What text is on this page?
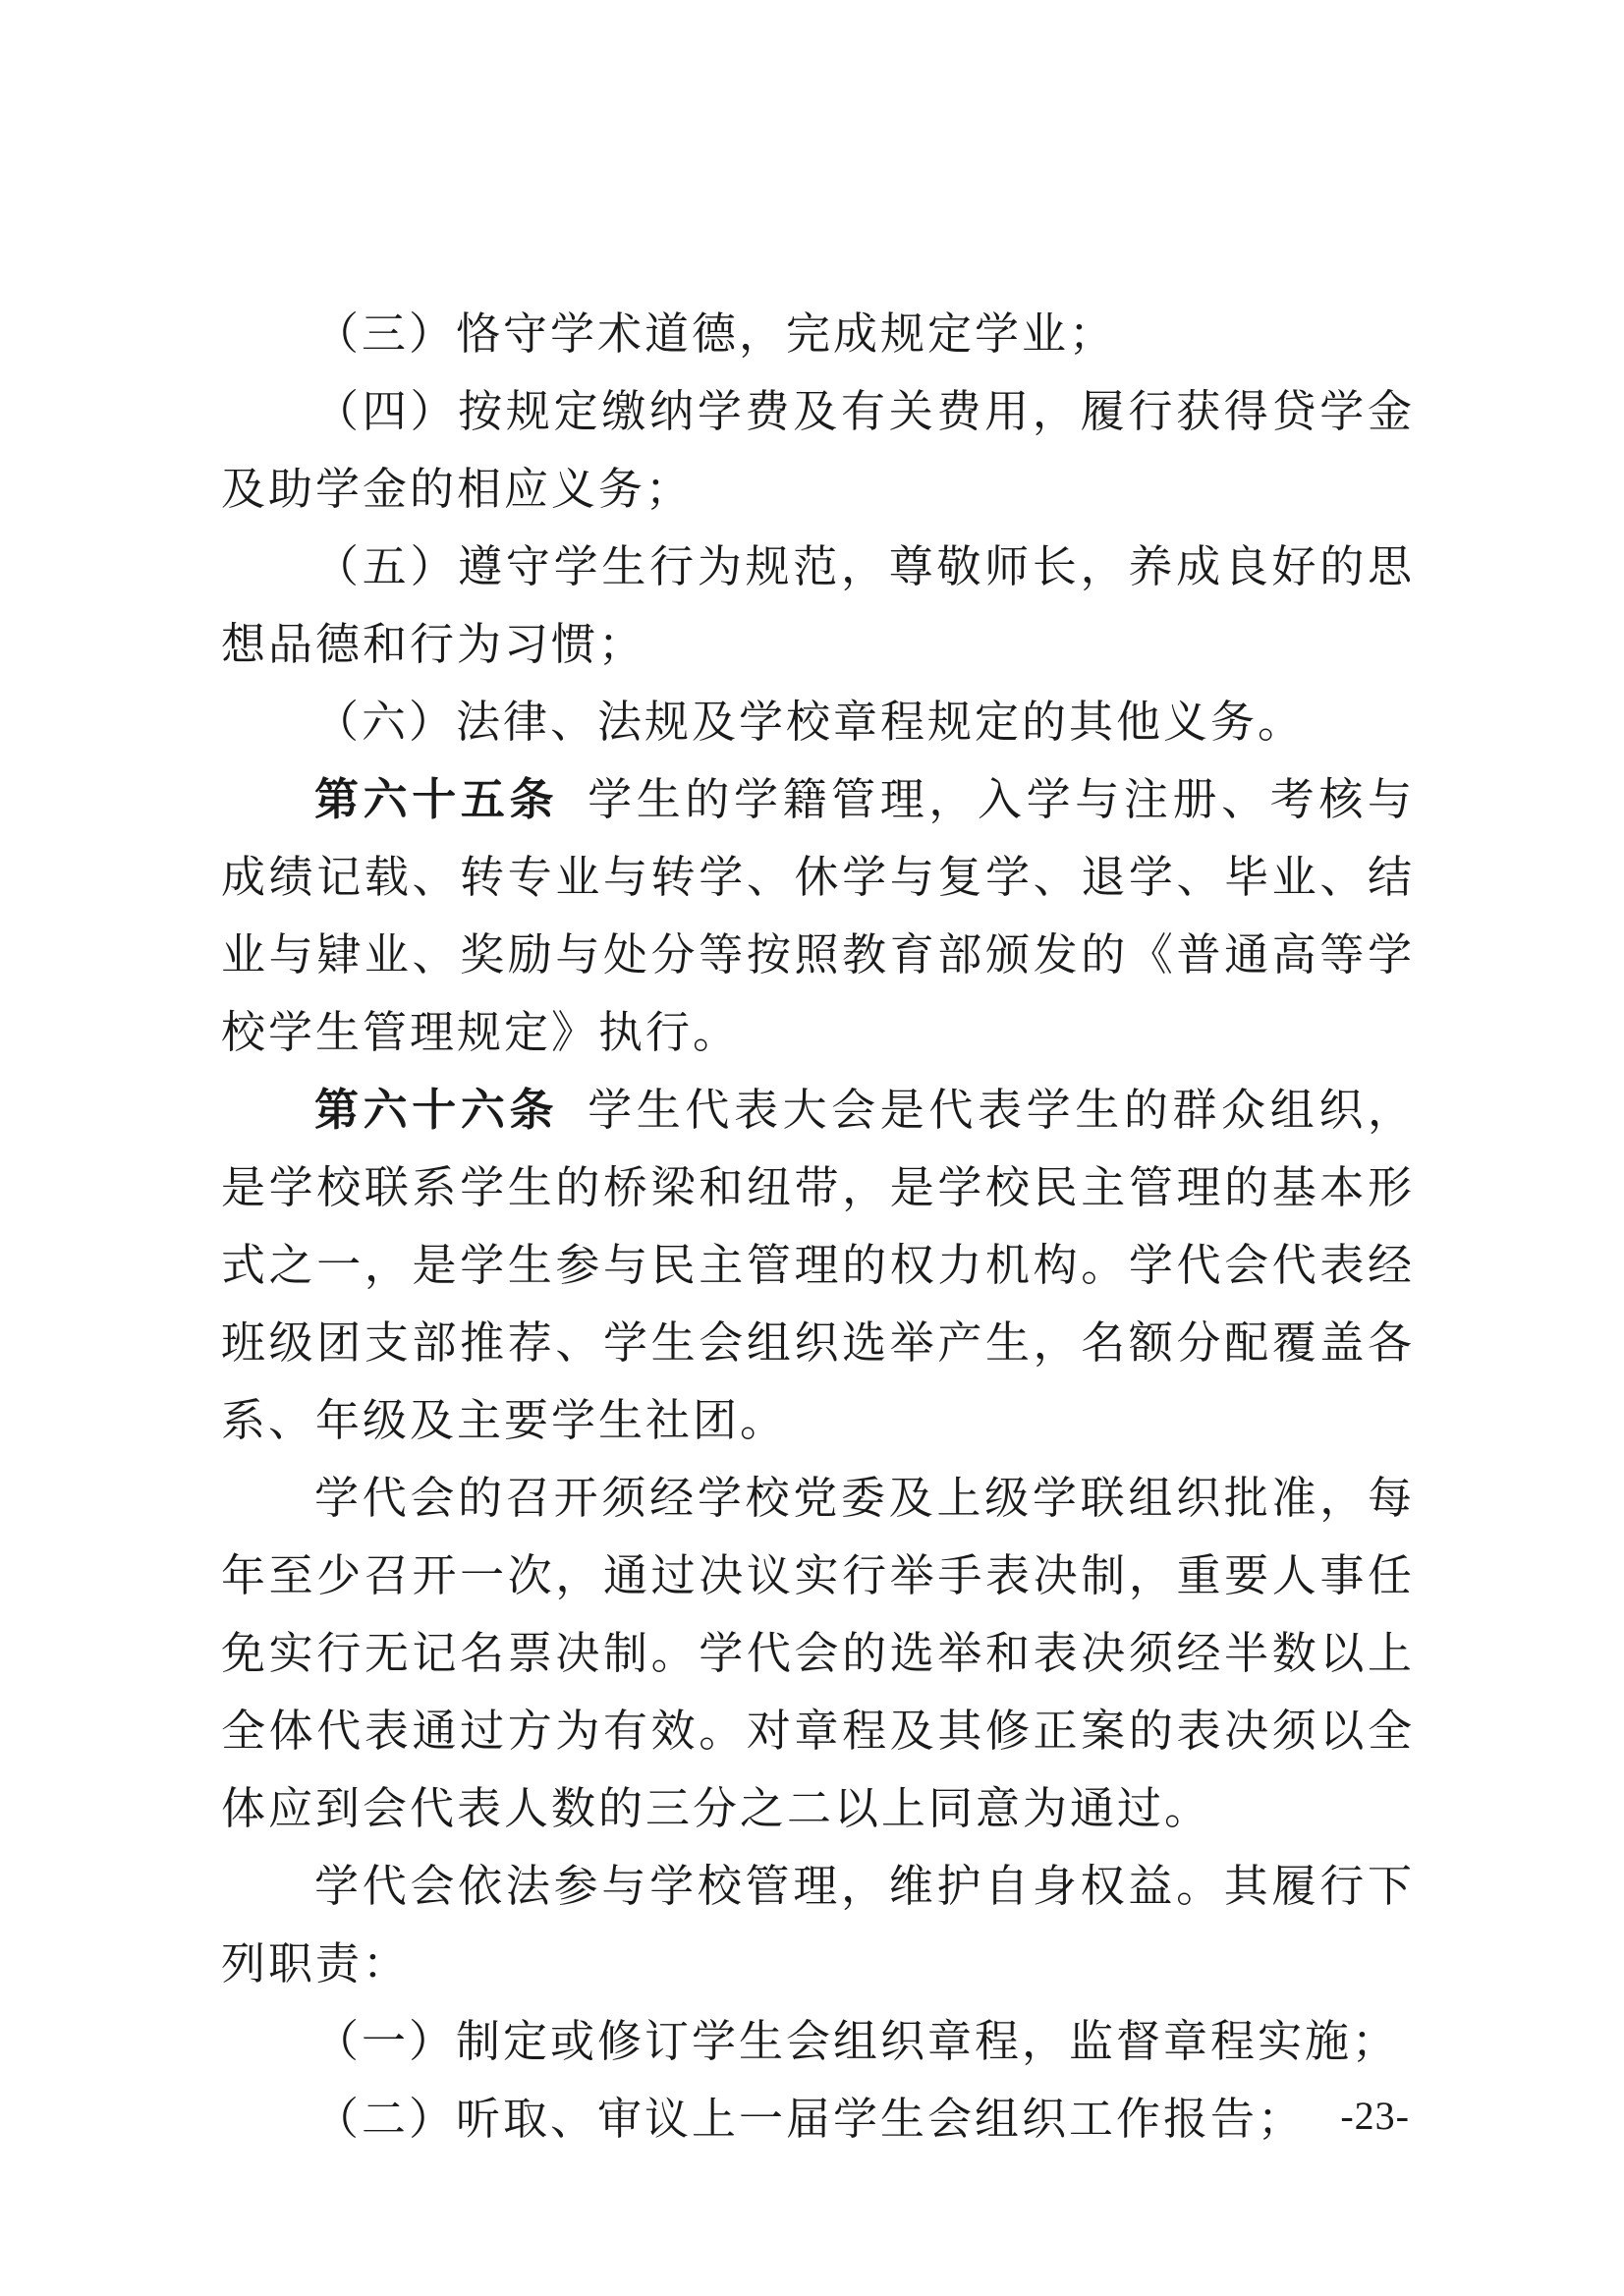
（三）恪守学术道德，完成规定学业；

（四）按规定缴纳学费及有关费用，履行获得贷学金及助学金的相应义务；

（五）遵守学生行为规范，尊敬师长，养成良好的思想品德和行为习惯；

（六）法律、法规及学校章程规定的其他义务。

第六十五条 学生的学籍管理，入学与注册、考核与成绩记载、转专业与转学、休学与复学、退学、毕业、结业与肄业、奖励与处分等按照教育部颁发的《普通高等学校学生管理规定》执行。

第六十六条 学生代表大会是代表学生的群众组织，是学校联系学生的桥梁和纽带，是学校民主管理的基本形式之一，是学生参与民主管理的权力机构。学代会代表经班级团支部推荐、学生会组织选举产生，名额分配覆盖各系、年级及主要学生社团。

学代会的召开须经学校党委及上级学联组织批准，每年至少召开一次，通过决议实行举手表决制，重要人事任免实行无记名票决制。学代会的选举和表决须经半数以上全体代表通过方为有效。对章程及其修正案的表决须以全体应到会代表人数的三分之二以上同意为通过。

学代会依法参与学校管理，维护自身权益。其履行下列职责：

（一）制定或修订学生会组织章程，监督章程实施；

（二）听取、审议上一届学生会组织工作报告； -23-
